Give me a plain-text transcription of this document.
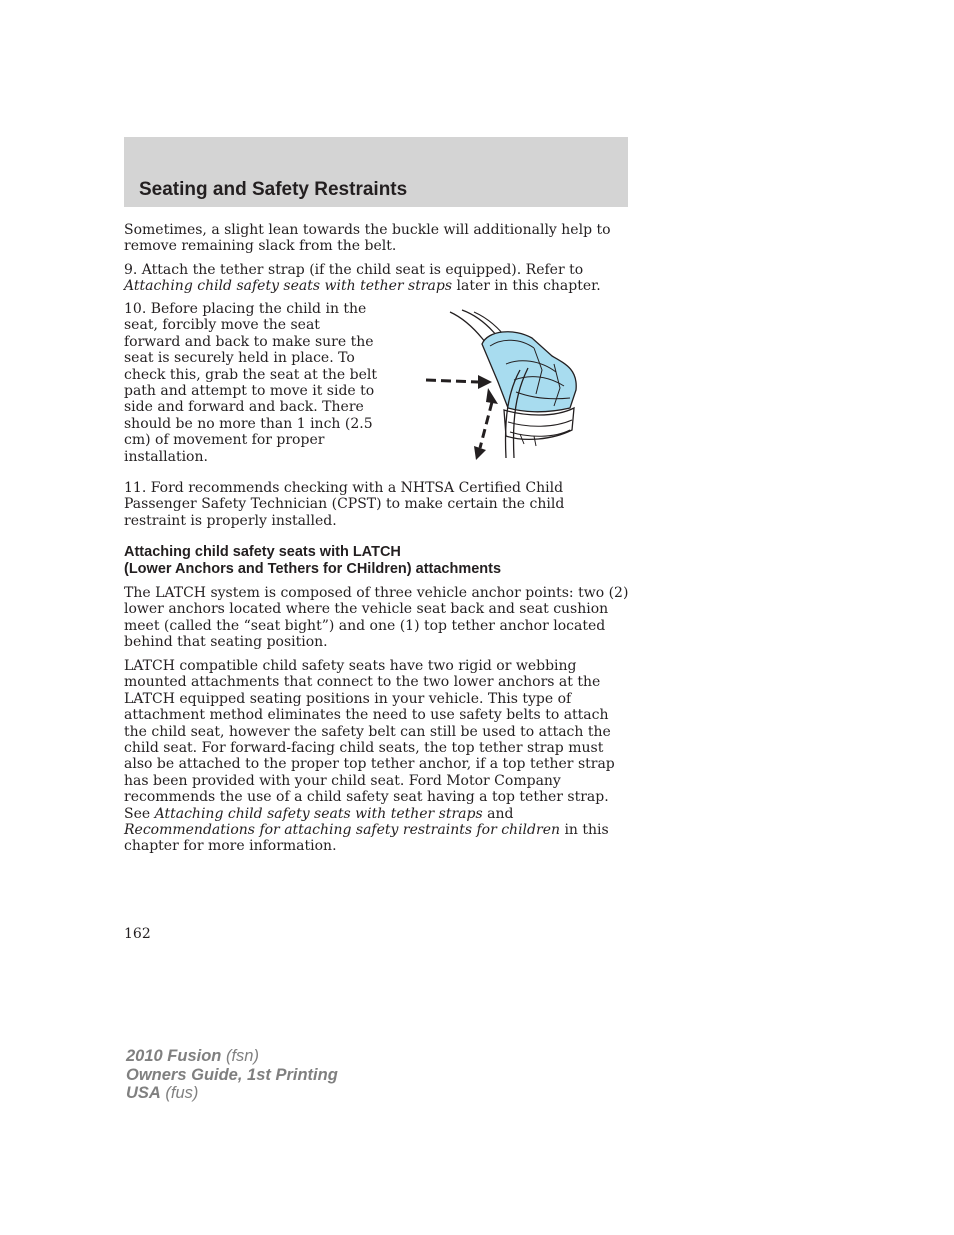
Seating and Safety Restraints

Sometimes, a slight lean towards the buckle will additionally help to remove remaining slack from the belt.

9. Attach the tether strap (if the child seat is equipped). Refer to Attaching child safety seats with tether straps later in this chapter.

10. Before placing the child in the seat, forcibly move the seat forward and back to make sure the seat is securely held in place. To check this, grab the seat at the belt path and attempt to move it side to side and forward and back. There should be no more than 1 inch (2.5 cm) of movement for proper installation.

11. Ford recommends checking with a NHTSA Certified Child Passenger Safety Technician (CPST) to make certain the child restraint is properly installed.

Attaching child safety seats with LATCH
(Lower Anchors and Tethers for CHildren) attachments

The LATCH system is composed of three vehicle anchor points: two (2) lower anchors located where the vehicle seat back and seat cushion meet (called the “seat bight”) and one (1) top tether anchor located behind that seating position.

LATCH compatible child safety seats have two rigid or webbing mounted attachments that connect to the two lower anchors at the LATCH equipped seating positions in your vehicle. This type of attachment method eliminates the need to use safety belts to attach the child seat, however the safety belt can still be used to attach the child seat. For forward-facing child seats, the top tether strap must also be attached to the proper top tether anchor, if a top tether strap has been provided with your child seat. Ford Motor Company recommends the use of a child safety seat having a top tether strap. See Attaching child safety seats with tether straps and Recommendations for attaching safety restraints for children in this chapter for more information.

162

2010 Fusion (fsn)
Owners Guide, 1st Printing
USA (fus)
